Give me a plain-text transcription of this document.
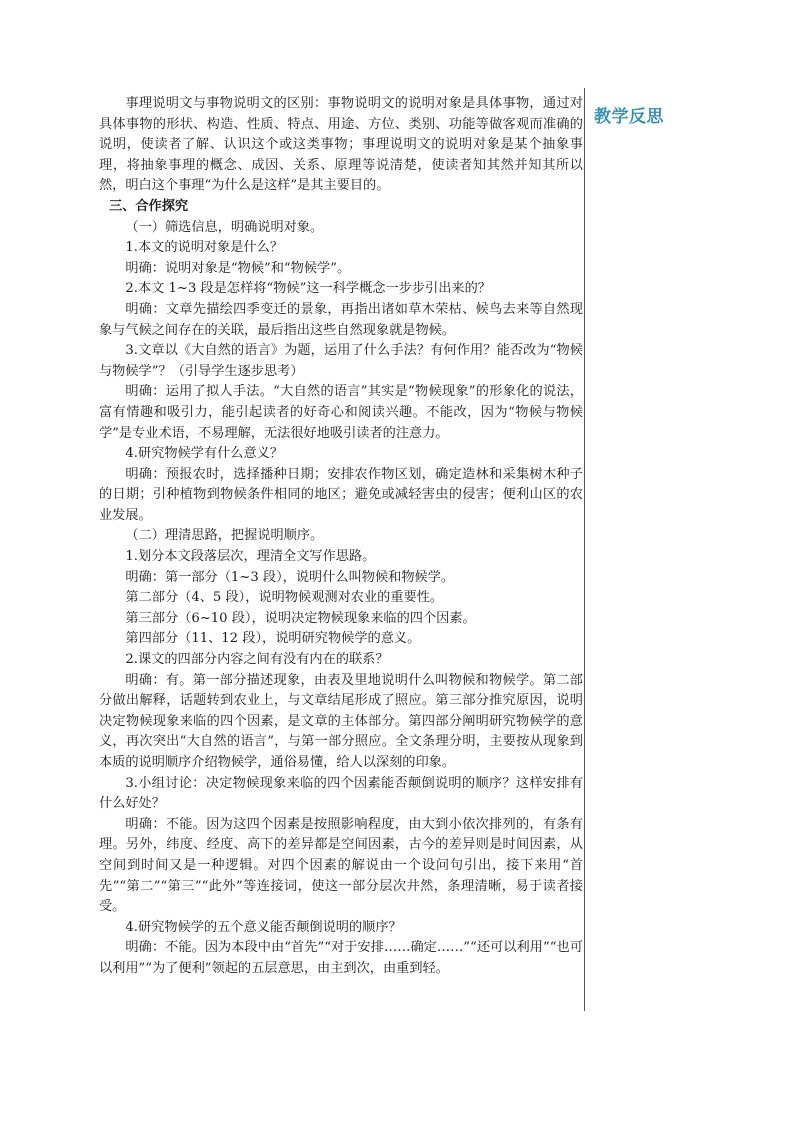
教学反思

事理说明文与事物说明文的区别：事物说明文的说明对象是具体事物，通过对具体事物的形状、构造、性质、特点、用途、方位、类别、功能等做客观而准确的说明，使读者了解、认识这个或这类事物；事理说明文的说明对象是某个抽象事理，将抽象事理的概念、成因、关系、原理等说清楚，使读者知其然并知其所以然，明白这个事理“为什么是这样”是其主要目的。

三、合作探究

（一）筛选信息，明确说明对象。

1.本文的说明对象是什么？

明确：说明对象是“物候”和“物候学”。

2.本文 1~3 段是怎样将“物候”这一科学概念一步步引出来的？

明确：文章先描绘四季变迁的景象，再指出诸如草木荣枯、候鸟去来等自然现象与气候之间存在的关联，最后指出这些自然现象就是物候。

3.文章以《大自然的语言》为题，运用了什么手法？有何作用？能否改为“物候与物候学”？（引导学生逐步思考）

明确：运用了拟人手法。“大自然的语言”其实是“物候现象”的形象化的说法，富有情趣和吸引力，能引起读者的好奇心和阅读兴趣。不能改，因为“物候与物候学”是专业术语，不易理解，无法很好地吸引读者的注意力。

4.研究物候学有什么意义？

明确：预报农时，选择播种日期；安排农作物区划，确定造林和采集树木种子的日期；引种植物到物候条件相同的地区；避免或减轻害虫的侵害；便利山区的农业发展。

（二）理清思路，把握说明顺序。

1.划分本文段落层次，理清全文写作思路。

明确：第一部分（1~3 段），说明什么叫物候和物候学。

第二部分（4、5 段），说明物候观测对农业的重要性。

第三部分（6~10 段），说明决定物候现象来临的四个因素。

第四部分（11、12 段），说明研究物候学的意义。

2.课文的四部分内容之间有没有内在的联系？

明确：有。第一部分描述现象，由表及里地说明什么叫物候和物候学。第二部分做出解释，话题转到农业上，与文章结尾形成了照应。第三部分推究原因，说明决定物候现象来临的四个因素，是文章的主体部分。第四部分阐明研究物候学的意义，再次突出“大自然的语言”，与第一部分照应。全文条理分明，主要按从现象到本质的说明顺序介绍物候学，通俗易懂，给人以深刻的印象。

3.小组讨论：决定物候现象来临的四个因素能否颠倒说明的顺序？这样安排有什么好处？

明确：不能。因为这四个因素是按照影响程度，由大到小依次排列的，有条有理。另外，纬度、经度、高下的差异都是空间因素，古今的差异则是时间因素，从空间到时间又是一种逻辑。对四个因素的解说由一个设问句引出，接下来用“首先”“第二”“第三”“此外”等连接词，使这一部分层次井然，条理清晰，易于读者接受。

4.研究物候学的五个意义能否颠倒说明的顺序？

明确：不能。因为本段中由“首先”“对于安排……确定……”“还可以利用”“也可以利用”“为了便利”领起的五层意思，由主到次，由重到轻。
